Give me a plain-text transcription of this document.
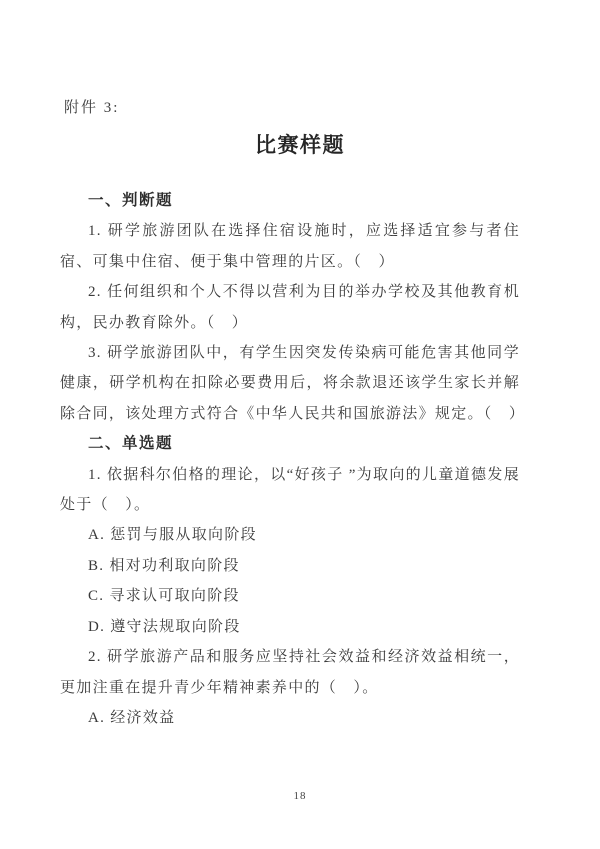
附件 3:
比赛样题
一、判断题

1. 研学旅游团队在选择住宿设施时，应选择适宜参与者住宿、可集中住宿、便于集中管理的片区。（　）

2. 任何组织和个人不得以营利为目的举办学校及其他教育机构，民办教育除外。（　）

3. 研学旅游团队中，有学生因突发传染病可能危害其他同学健康，研学机构在扣除必要费用后，将余款退还该学生家长并解除合同，该处理方式符合《中华人民共和国旅游法》规定。（　）

二、单选题

1. 依据科尔伯格的理论，以“好孩子 ”为取向的儿童道德发展处于（　）。

A. 惩罚与服从取向阶段

B. 相对功利取向阶段

C. 寻求认可取向阶段

D. 遵守法规取向阶段

2. 研学旅游产品和服务应坚持社会效益和经济效益相统一，更加注重在提升青少年精神素养中的（　）。

A. 经济效益

18
